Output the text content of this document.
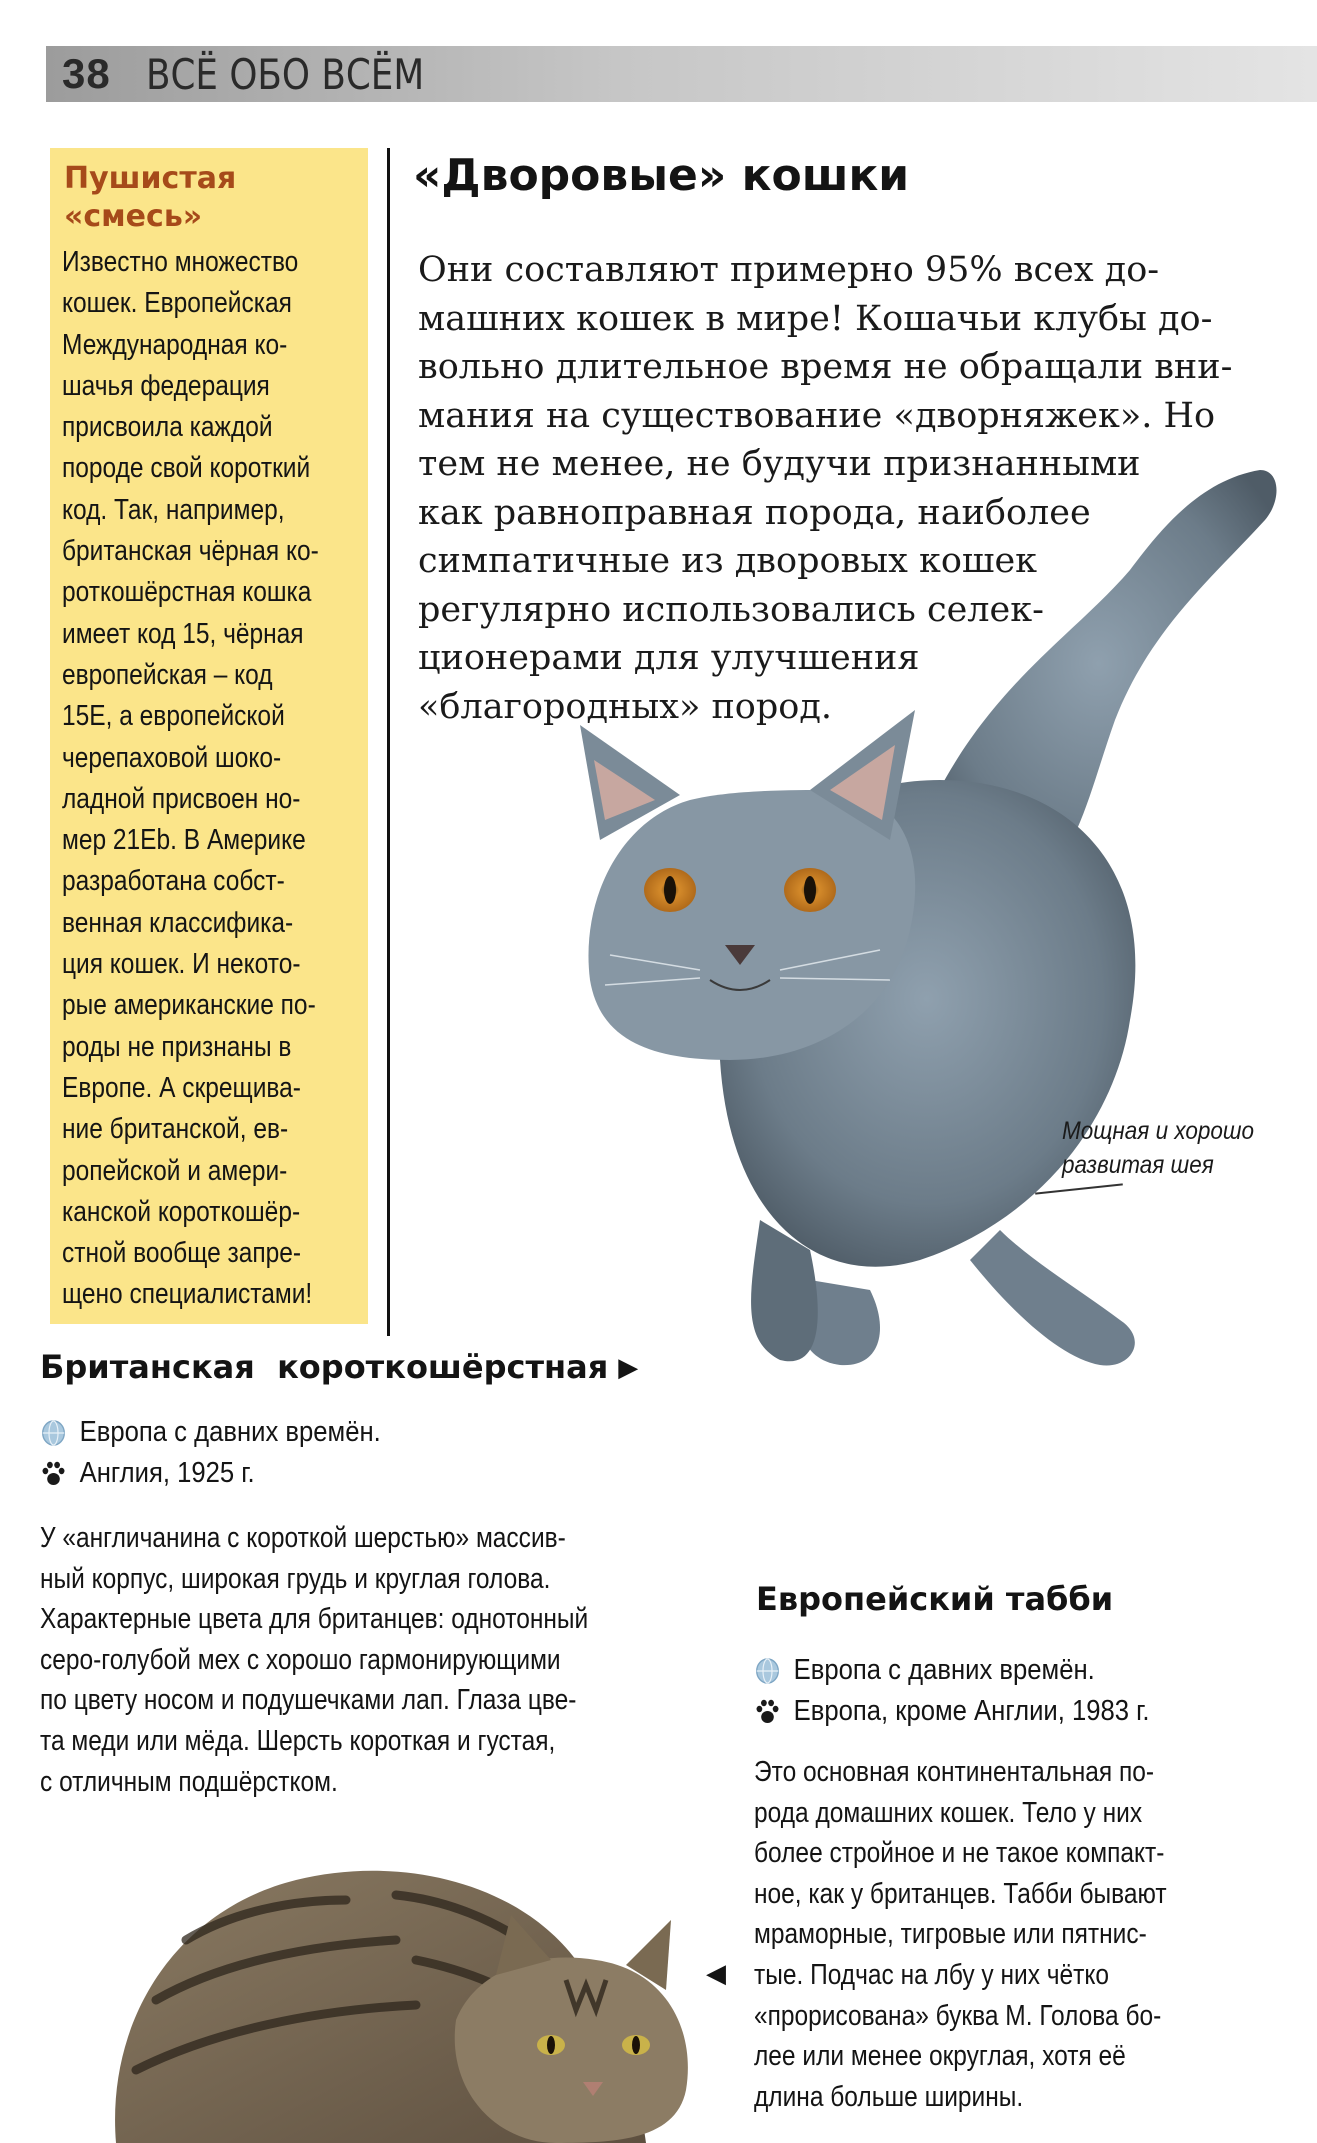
38 ВСЁ ОБО ВСЁМ
Пушистая
«смесь»
Известно множество
кошек. Европейская
Международная ко-
шачья федерация
присвоила каждой
породе свой короткий
код. Так, например,
британская чёрная ко-
роткошёрстная кошка
имеет код 15, чёрная
европейская – код
15E, а европейской
черепаховой шоко-
ладной присвоен но-
мер 21Eb. В Америке
разработана собст-
венная классифика-
ция кошек. И некото-
рые американские по-
роды не признаны в
Европе. А скрещива-
ние британской, ев-
ропейской и амери-
канской короткошёр-
стной вообще запре-
щено специалистами!
«Дворовые» кошки
Они составляют примерно 95% всех до-
машних кошек в мире! Кошачьи клубы до-
вольно длительное время не обращали вни-
мания на существование «дворняжек». Но
тем не менее, не будучи признанными
как равноправная порода, наиболее
симпатичные из дворовых кошек
регулярно использовались селек-
ционерами для улучшения
«благородных» пород.
Мощная и хорошо
развитая шея
Британская  короткошёрстная ▶
Европа с давних времён.
Англия, 1925 г.
У «англичанина с короткой шерстью» массив-
ный корпус, широкая грудь и круглая голова.
Характерные цвета для британцев: однотонный
серо-голубой мех с хорошо гармонирующими
по цвету носом и подушечками лап. Глаза цве-
та меди или мёда. Шерсть короткая и густая,
с отличным подшёрстком.
◀
Европейский табби
Европа с давних времён.
Европа, кроме Англии, 1983 г.
Это основная континентальная по-
рода домашних кошек. Тело у них
более стройное и не такое компакт-
ное, как у британцев. Табби бывают
мраморные, тигровые или пятнис-
тые. Подчас на лбу у них чётко
«прорисована» буква М. Голова бо-
лее или менее округлая, хотя её
длина больше ширины.
